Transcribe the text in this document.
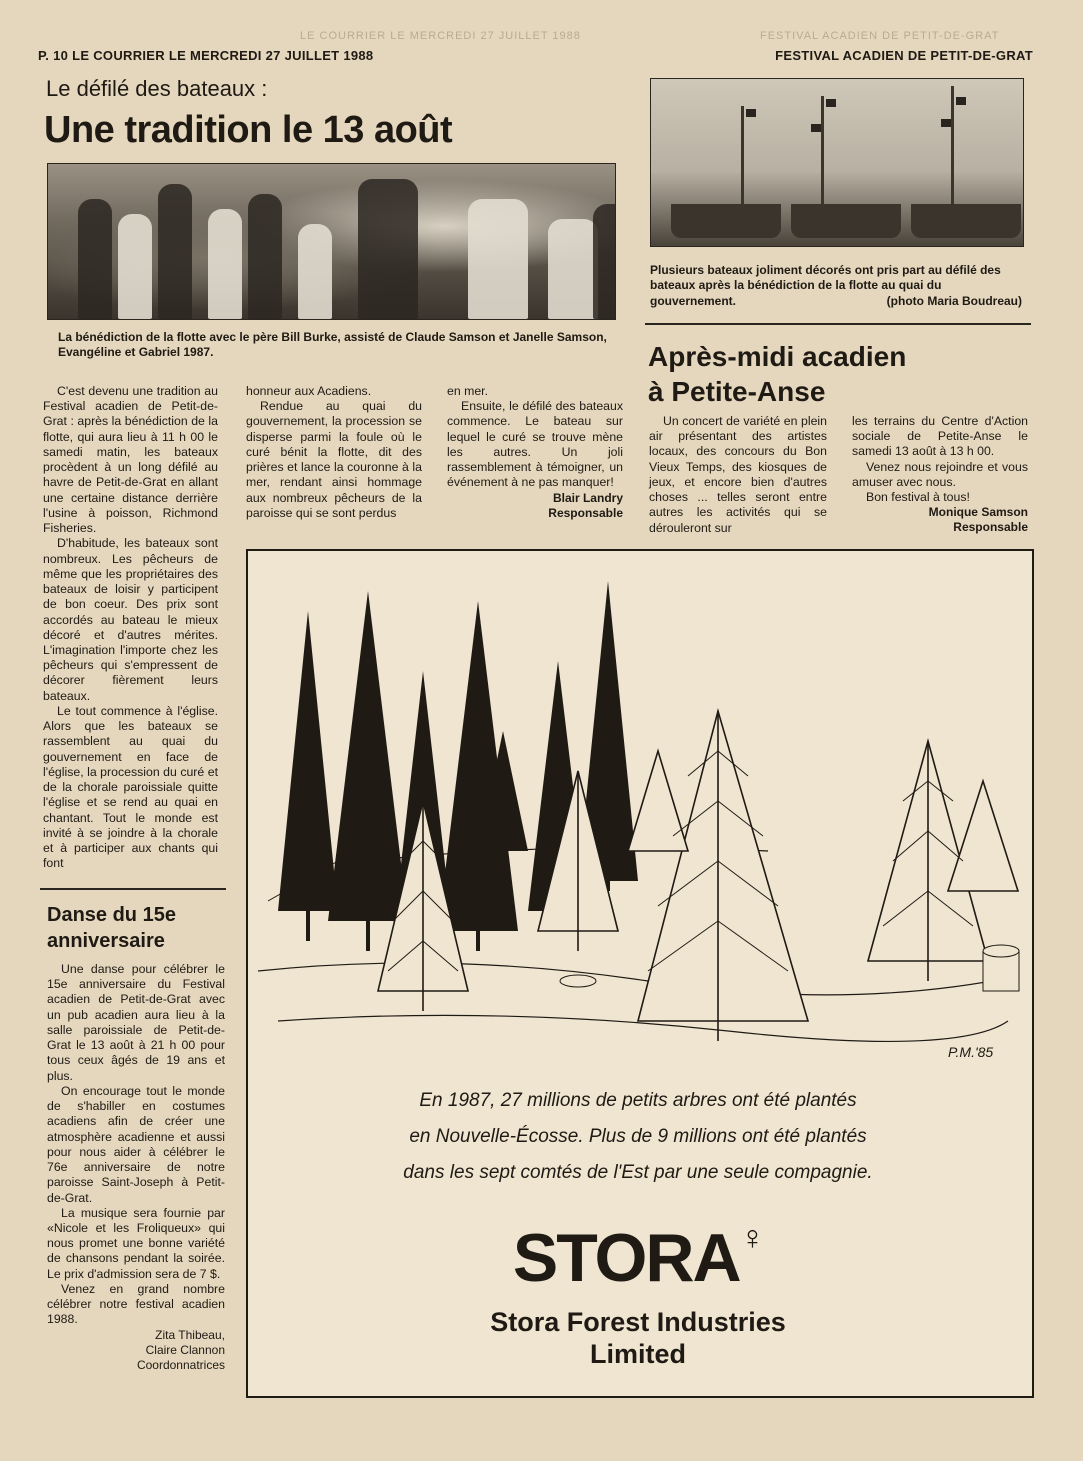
LE COURRIER LE MERCREDI 27 JUILLET 1988	FESTIVAL ACADIEN DE PETIT-DE-GRAT
P. 10 LE COURRIER LE MERCREDI 27 JUILLET 1988	FESTIVAL ACADIEN DE PETIT-DE-GRAT
Le défilé des bateaux :
Une tradition le 13 août
La bénédiction de la flotte avec le père Bill Burke, assisté de Claude Samson et Janelle Samson, Evangéline et Gabriel 1987.
Plusieurs bateaux joliment décorés ont pris part au défilé des bateaux après la bénédiction de la flotte au quai du gouvernement.	(photo Maria Boudreau)

C'est devenu une tradition au Festival acadien de Petit-de-Grat : après la bénédiction de la flotte, qui aura lieu à 11 h 00 le samedi matin, les bateaux procèdent à un long défilé au havre de Petit-de-Grat en allant une certaine distance derrière l'usine à poisson, Richmond Fisheries.

D'habitude, les bateaux sont nombreux. Les pêcheurs de même que les propriétaires des bateaux de loisir y participent de bon coeur. Des prix sont accordés au bateau le mieux décoré et d'autres mérites. L'imagination l'importe chez les pêcheurs qui s'empressent de décorer fièrement leurs bateaux.

Le tout commence à l'église. Alors que les bateaux se rassemblent au quai du gouvernement en face de l'église, la procession du curé et de la chorale paroissiale quitte l'église et se rend au quai en chantant. Tout le monde est invité à se joindre à la chorale et à participer aux chants qui font

honneur aux Acadiens.

Rendue au quai du gouvernement, la procession se disperse parmi la foule où le curé bénit la flotte, dit des prières et lance la couronne à la mer, rendant ainsi hommage aux nombreux pêcheurs de la paroisse qui se sont perdus

en mer.

Ensuite, le défilé des bateaux commence. Le bateau sur lequel le curé se trouve mène les autres. Un joli rassemblement à témoigner, un événement à ne pas manquer!

Blair Landry
Responsable
Après-midi acadien
à Petite-Anse

Un concert de variété en plein air présentant des artistes locaux, des concours du Bon Vieux Temps, des kiosques de jeux, et encore bien d'autres choses ... telles seront entre autres les activités qui se dérouleront sur

les terrains du Centre d'Action sociale de Petite-Anse le samedi 13 août à 13 h 00.

Venez nous rejoindre et vous amuser avec nous.

Bon festival à tous!

Monique Samson
Responsable
Danse du 15e
anniversaire

Une danse pour célébrer le 15e anniversaire du Festival acadien de Petit-de-Grat avec un pub acadien aura lieu à la salle paroissiale de Petit-de-Grat le 13 août à 21 h 00 pour tous ceux âgés de 19 ans et plus.

On encourage tout le monde de s'habiller en costumes acadiens afin de créer une atmosphère acadienne et aussi pour nous aider à célébrer le 76e anniversaire de notre paroisse Saint-Joseph à Petit-de-Grat.

La musique sera fournie par «Nicole et les Froliqueux» qui nous promet une bonne variété de chansons pendant la soirée. Le prix d'admission sera de 7 $.

Venez en grand nombre célébrer notre festival acadien 1988.

Zita Thibeau,
Claire Clannon
Coordonnatrices
P.M.'85
En 1987, 27 millions de petits arbres ont été plantés
en Nouvelle-Écosse. Plus de 9 millions ont été plantés
dans les sept comtés de l'Est par une seule compagnie.
STORA♀
Stora Forest Industries
Limited
